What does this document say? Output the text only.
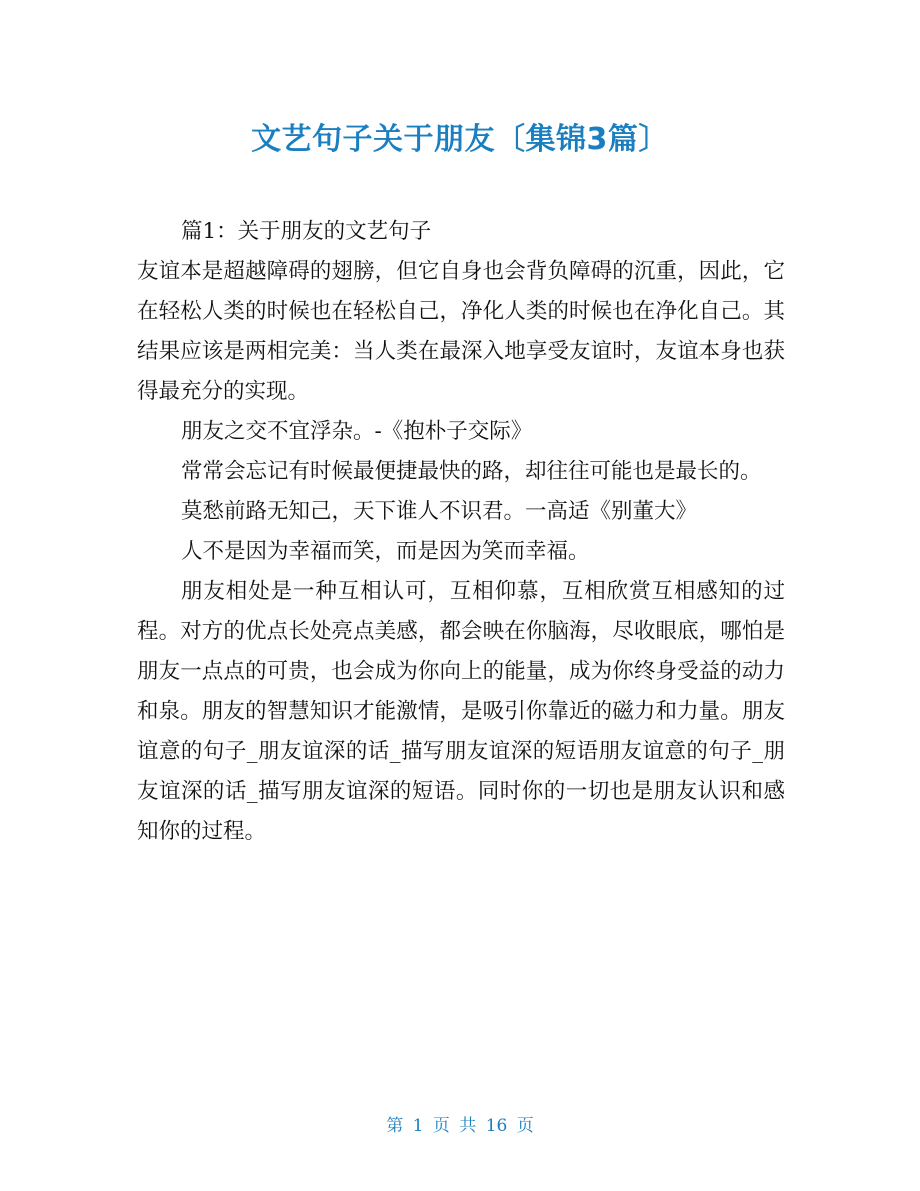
文艺句子关于朋友〔集锦3篇〕

篇1：关于朋友的文艺句子

友谊本是超越障碍的翅膀，但它自身也会背负障碍的沉重，因此，它在轻松人类的时候也在轻松自己，净化人类的时候也在净化自己。其结果应该是两相完美：当人类在最深入地享受友谊时，友谊本身也获得最充分的实现。

朋友之交不宜浮杂。-《抱朴子交际》

常常会忘记有时候最便捷最快的路，却往往可能也是最长的。

莫愁前路无知己，天下谁人不识君。一高适《别董大》

人不是因为幸福而笑，而是因为笑而幸福。

朋友相处是一种互相认可，互相仰慕，互相欣赏互相感知的过程。对方的优点长处亮点美感，都会映在你脑海，尽收眼底，哪怕是朋友一点点的可贵，也会成为你向上的能量，成为你终身受益的动力和泉。朋友的智慧知识才能激情，是吸引你靠近的磁力和力量。朋友谊意的句子_朋友谊深的话_描写朋友谊深的短语朋友谊意的句子_朋友谊深的话_描写朋友谊深的短语。同时你的一切也是朋友认识和感知你的过程。

第 1 页 共 16 页
